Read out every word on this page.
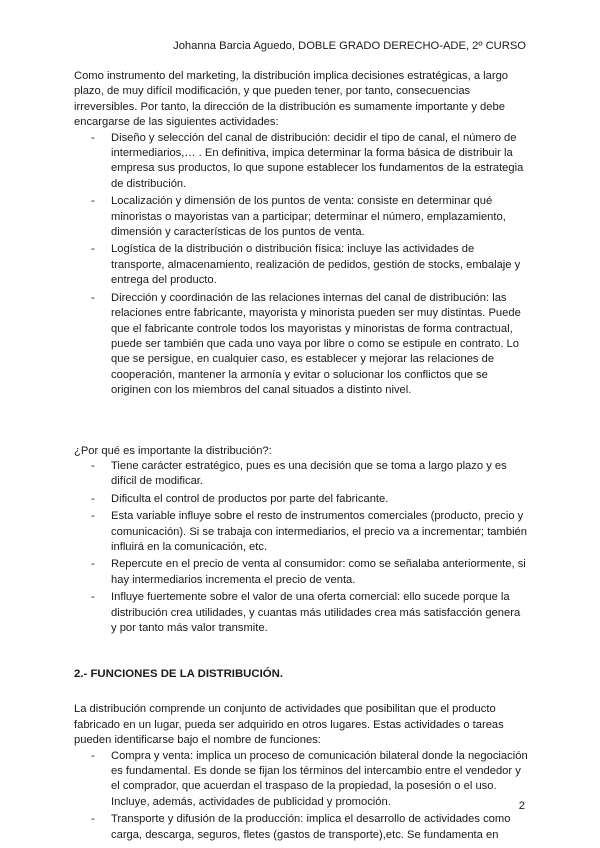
Johanna Barcia Aguedo, DOBLE GRADO DERECHO-ADE, 2º CURSO

Como instrumento del marketing, la distribución implica decisiones estratégicas, a largo plazo, de muy difícil modificación, y que pueden tener, por tanto, consecuencias irreversibles. Por tanto, la dirección de la distribución es sumamente importante y debe encargarse de las siguientes actividades:

- Diseño y selección del canal de distribución: decidir el tipo de canal, el número de intermediarios,… . En definitiva, impica determinar la forma básica de distribuir la empresa sus productos, lo que supone establecer los fundamentos de la estrategia de distribución.
- Localización y dimensión de los puntos de venta: consiste en determinar qué minoristas o mayoristas van a participar; determinar el número, emplazamiento, dimensión y características de los puntos de venta.
- Logística de la distribución o distribución física: incluye las actividades de transporte, almacenamiento, realización de pedidos, gestión de stocks, embalaje y entrega del producto.
- Dirección y coordinación de las relaciones internas del canal de distribución: las relaciones entre fabricante, mayorista y minorista pueden ser muy distintas. Puede que el fabricante controle todos los mayoristas y minoristas de forma contractual, puede ser también que cada uno vaya por libre o como se estipule en contrato. Lo que se persigue, en cualquier caso, es establecer y mejorar las relaciones de cooperación, mantener la armonía y evitar o solucionar los conflictos que se originen con los miembros del canal situados a distinto nivel.

¿Por qué es importante la distribución?:

- Tiene carácter estratégico, pues es una decisión que se toma a largo plazo y es difícil de modificar.
- Dificulta el control de productos por parte del fabricante.
- Esta variable influye sobre el resto de instrumentos comerciales (producto, precio y comunicación). Si se trabaja con intermediarios, el precio va a incrementar; también influirá en la comunicación, etc.
- Repercute en el precio de venta al consumidor: como se señalaba anteriormente, si hay intermediarios incrementa el precio de venta.
- Influye fuertemente sobre el valor de una oferta comercial: ello sucede porque la distribución crea utilidades, y cuantas más utilidades crea más satisfacción genera y por tanto más valor transmite.
2.- FUNCIONES DE LA DISTRIBUCIÓN.

La distribución comprende un conjunto de actividades que posibilitan que el producto fabricado en un lugar, pueda ser adquirido en otros lugares. Estas actividades o tareas pueden identificarse bajo el nombre de funciones:

- Compra y venta: implica un proceso de comunicación bilateral donde la negociación es fundamental. Es donde se fijan los términos del intercambio entre el vendedor y el comprador, que acuerdan el traspaso de la propiedad, la posesión o el uso. Incluye, además, actividades de publicidad y promoción.
- Transporte y difusión de la producción: implica el desarrollo de actividades como carga, descarga, seguros, fletes (gastos de transporte),etc. Se fundamenta en
2
